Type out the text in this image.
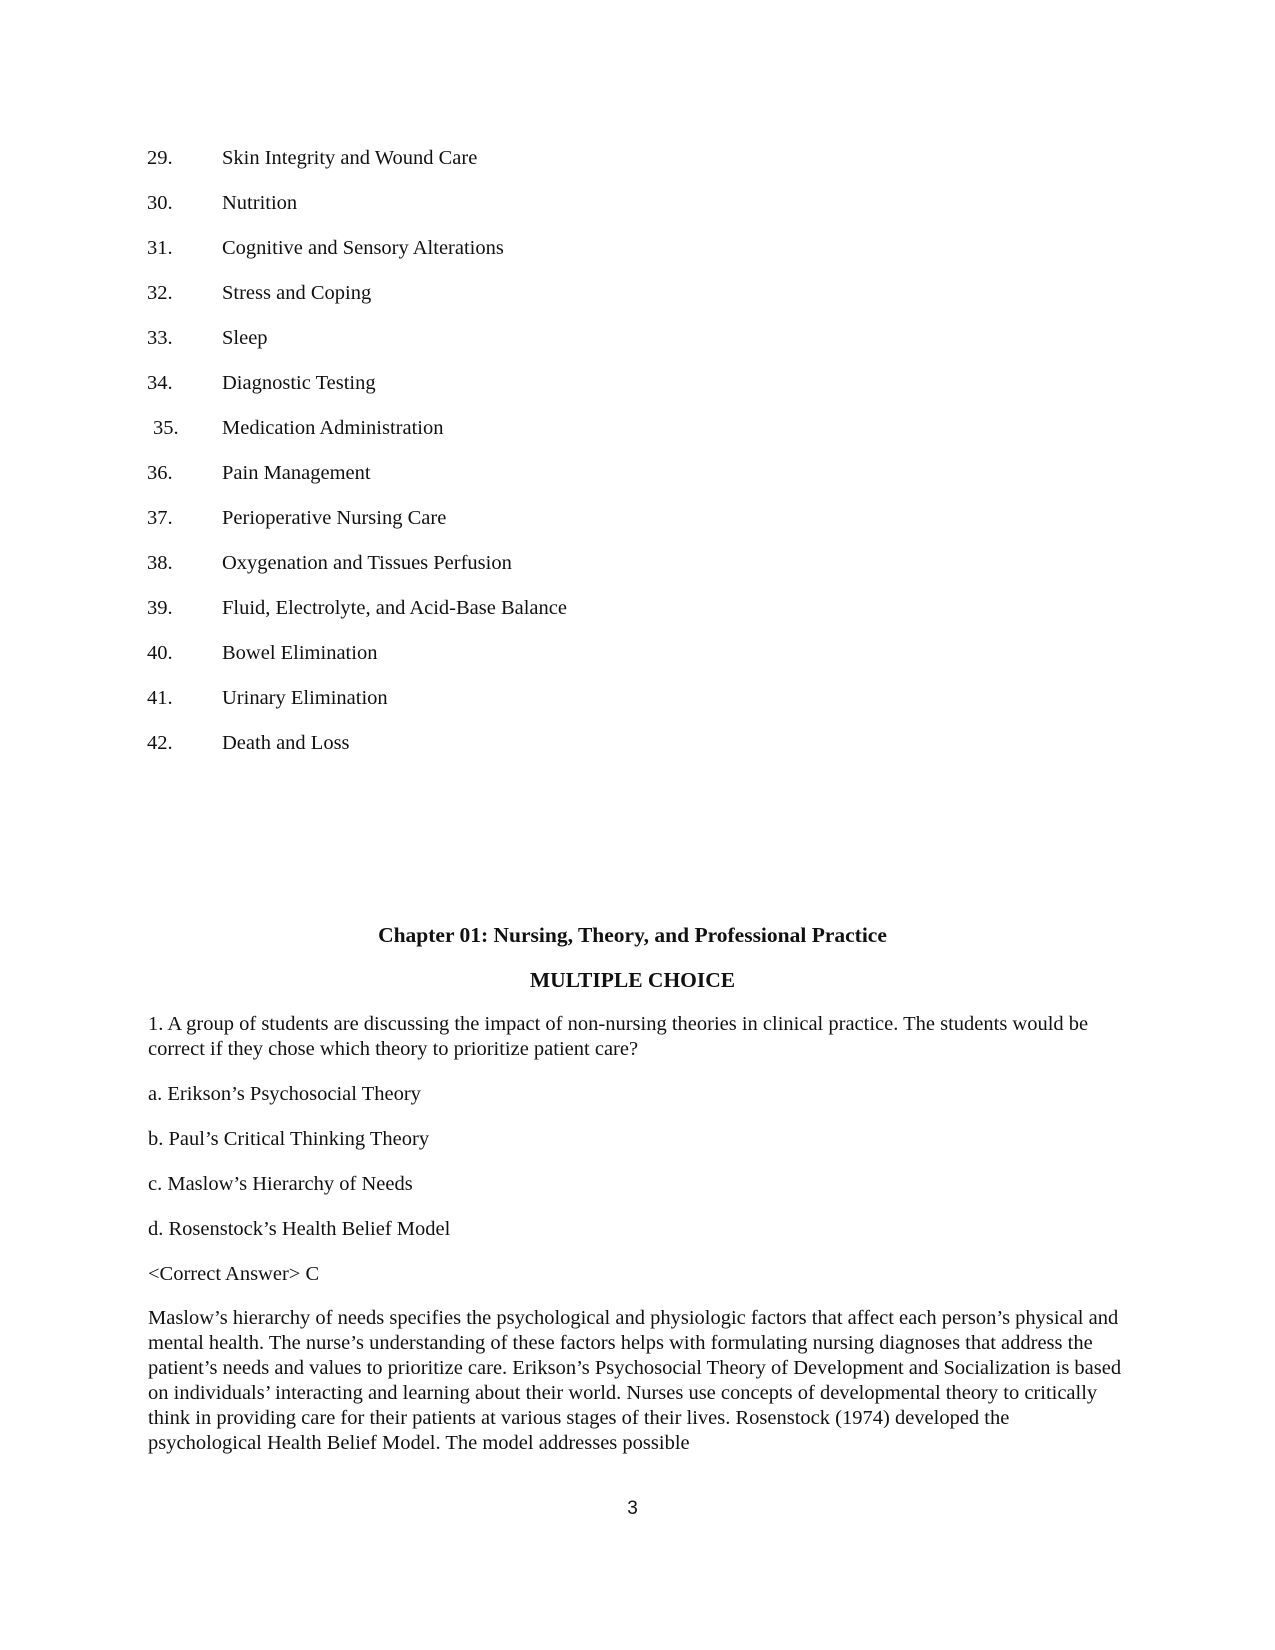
29. Skin Integrity and Wound Care
30. Nutrition
31. Cognitive and Sensory Alterations
32. Stress and Coping
33. Sleep
34. Diagnostic Testing
35. Medication Administration
36. Pain Management
37. Perioperative Nursing Care
38. Oxygenation and Tissues Perfusion
39. Fluid, Electrolyte, and Acid-Base Balance
40. Bowel Elimination
41. Urinary Elimination
42. Death and Loss
Chapter 01: Nursing, Theory, and Professional Practice
MULTIPLE CHOICE
1. A group of students are discussing the impact of non-nursing theories in clinical practice. The students would be correct if they chose which theory to prioritize patient care?
a. Erikson’s Psychosocial Theory
b. Paul’s Critical Thinking Theory
c. Maslow’s Hierarchy of Needs
d. Rosenstock’s Health Belief Model
<Correct Answer> C
Maslow’s hierarchy of needs specifies the psychological and physiologic factors that affect each person’s physical and mental health. The nurse’s understanding of these factors helps with formulating nursing diagnoses that address the patient’s needs and values to prioritize care. Erikson’s Psychosocial Theory of Development and Socialization is based on individuals’ interacting and learning about their world. Nurses use concepts of developmental theory to critically think in providing care for their patients at various stages of their lives. Rosenstock (1974) developed the psychological Health Belief Model. The model addresses possible
3
